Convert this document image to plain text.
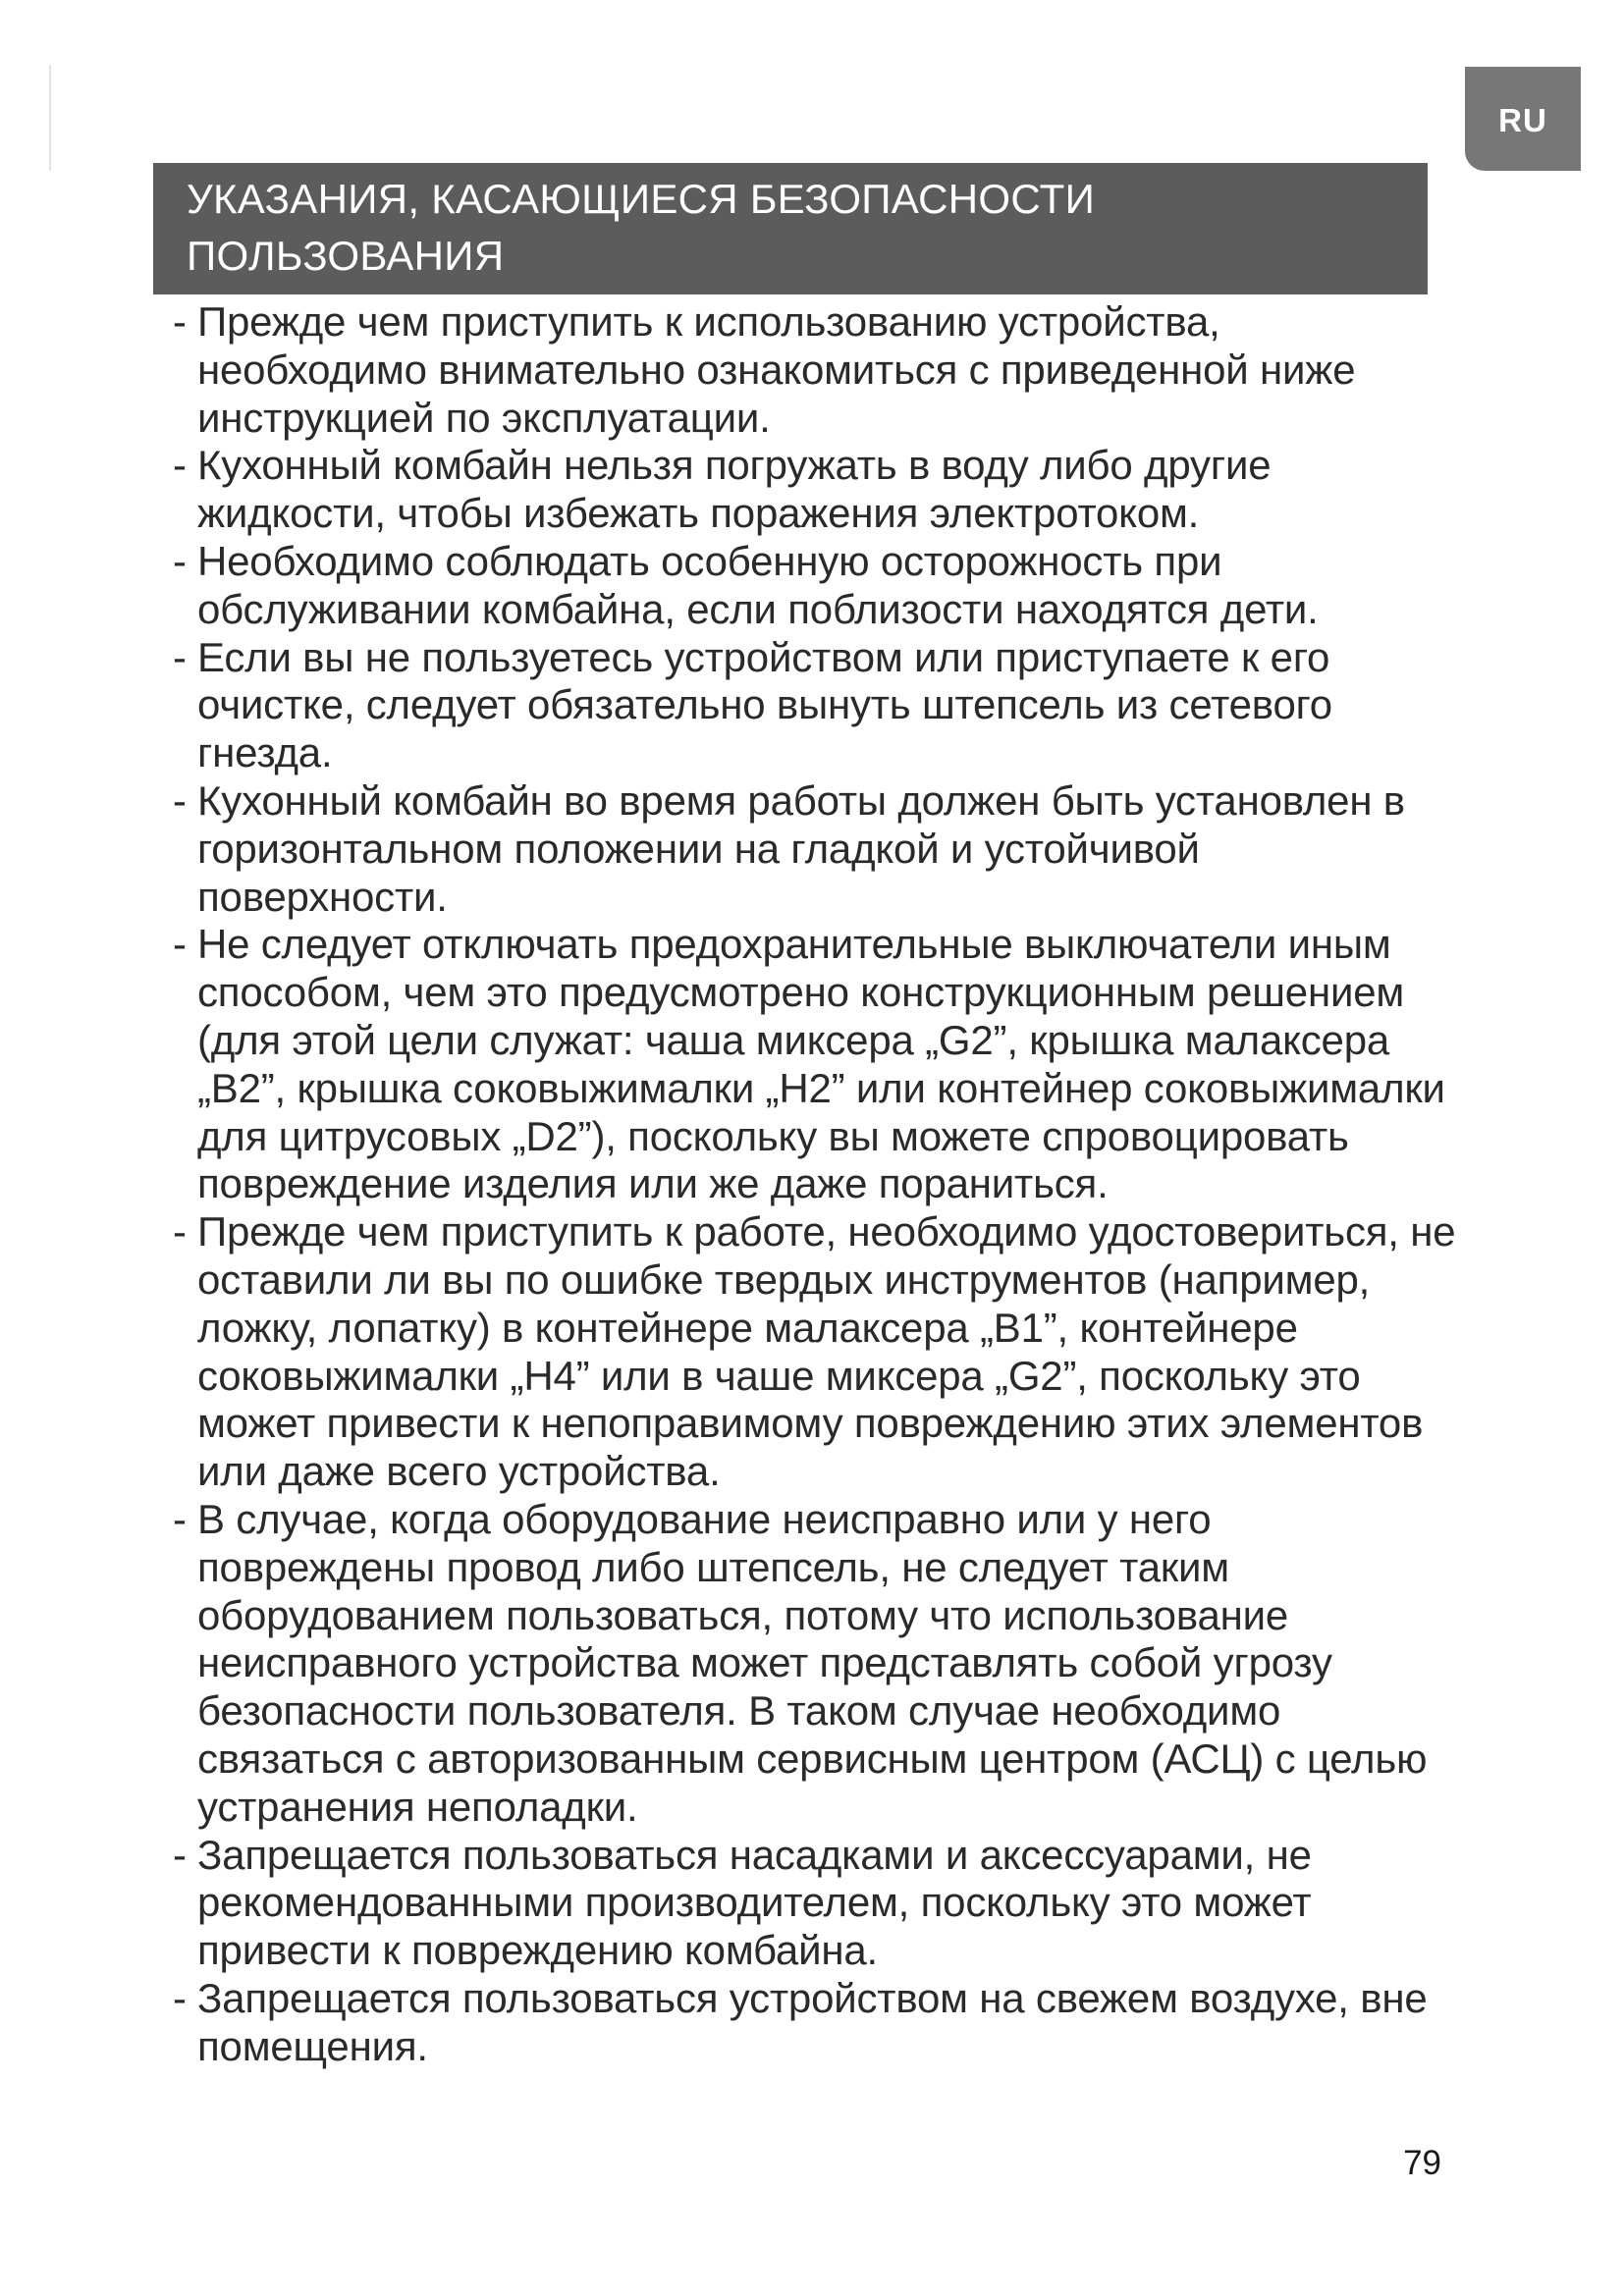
RU
УКАЗАНИЯ, КАСАЮЩИЕСЯ БЕЗОПАСНОСТИ
ПОЛЬЗОВАНИЯ
- Прежде чем приступить к использованию устройства, необходимо внимательно ознакомиться с приведенной ниже инструкцией по эксплуатации.
- Кухонный комбайн нельзя погружать в воду либо другие жидкости, чтобы избежать поражения электротоком.
- Необходимо соблюдать особенную осторожность при обслуживании комбайна, если поблизости находятся дети.
- Если вы не пользуетесь устройством или приступаете к его очистке, следует обязательно вынуть штепсель из сетевого гнезда.
- Кухонный комбайн во время работы должен быть установлен в горизонтальном положении на гладкой и устойчивой поверхности.
- Не следует отключать предохранительные выключатели иным способом, чем это предусмотрено конструкционным решением (для этой цели служат: чаша миксера „G2”, крышка малаксера „B2”, крышка соковыжималки „H2” или контейнер соковыжималки для цитрусовых „D2”), поскольку вы можете спровоцировать повреждение изделия или же даже пораниться.
- Прежде чем приступить к работе, необходимо удостовериться, не оставили ли вы по ошибке твердых инструментов (например, ложку, лопатку) в контейнере малаксера „B1”, контейнере соковыжималки „H4” или в чаше миксера „G2”, поскольку это может привести к непоправимому повреждению этих элементов или даже всего устройства.
- В случае, когда оборудование неисправно или у него повреждены провод либо штепсель, не следует таким оборудованием пользоваться, потому что использование неисправного устройства может представлять собой угрозу безопасности пользователя. В таком случае необходимо связаться с авторизованным сервисным центром (АСЦ) с целью устранения неполадки.
- Запрещается пользоваться насадками и аксессуарами, не рекомендованными производителем, поскольку это может привести к повреждению комбайна.
- Запрещается пользоваться устройством на свежем воздухе, вне помещения.
79
